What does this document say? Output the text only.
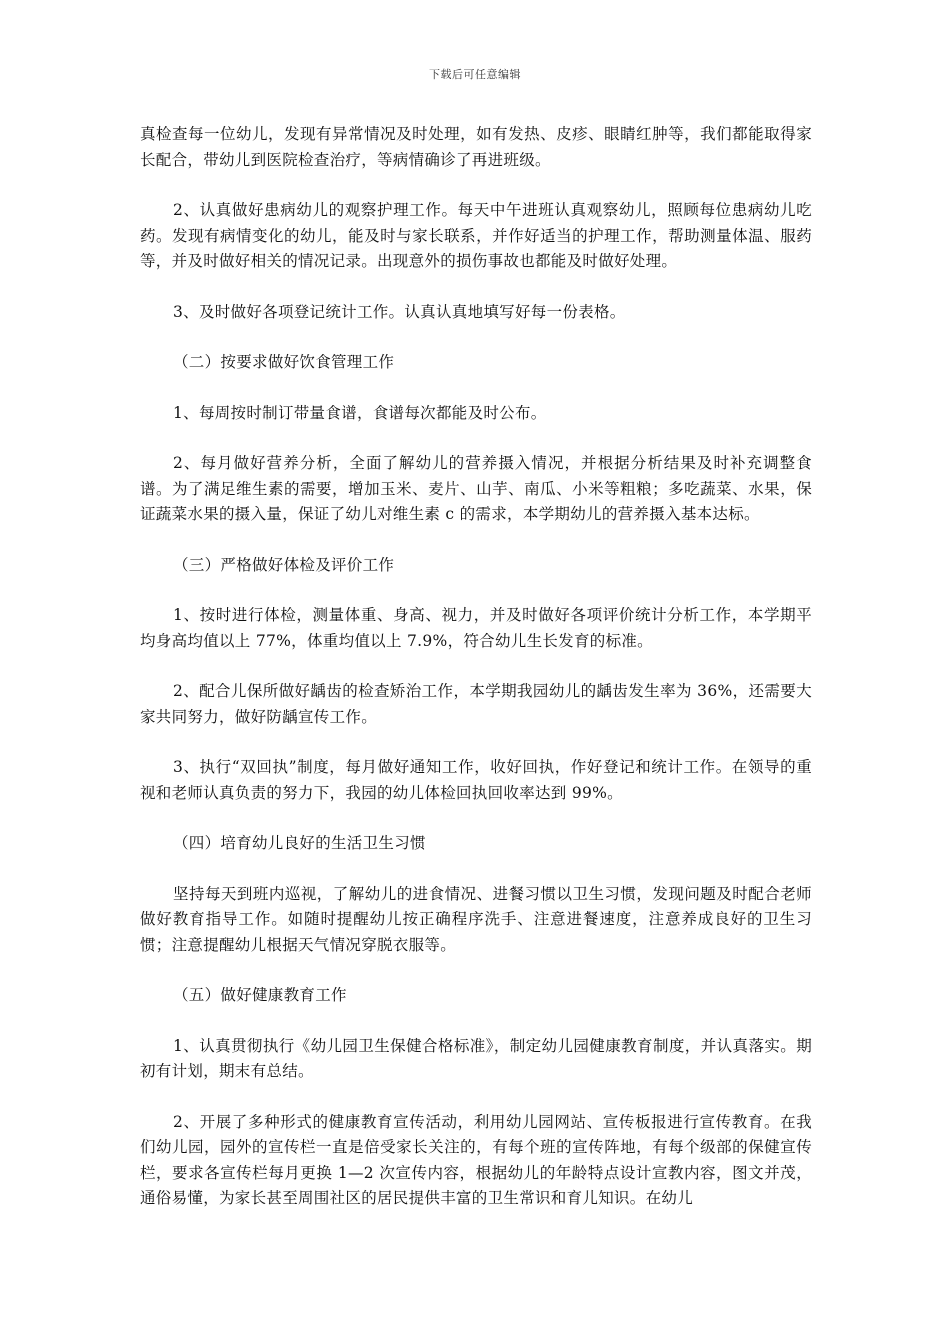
下载后可任意编辑

真检查每一位幼儿，发现有异常情况及时处理，如有发热、皮疹、眼睛红肿等，我们都能取得家长配合，带幼儿到医院检查治疗，等病情确诊了再进班级。

2、认真做好患病幼儿的观察护理工作。每天中午进班认真观察幼儿，照顾每位患病幼儿吃药。发现有病情变化的幼儿，能及时与家长联系，并作好适当的护理工作，帮助测量体温、服药等，并及时做好相关的情况记录。出现意外的损伤事故也都能及时做好处理。

3、及时做好各项登记统计工作。认真认真地填写好每一份表格。

（二）按要求做好饮食管理工作

1、每周按时制订带量食谱，食谱每次都能及时公布。

2、每月做好营养分析，全面了解幼儿的营养摄入情况，并根据分析结果及时补充调整食谱。为了满足维生素的需要，增加玉米、麦片、山芋、南瓜、小米等粗粮；多吃蔬菜、水果，保证蔬菜水果的摄入量，保证了幼儿对维生素 c 的需求，本学期幼儿的营养摄入基本达标。

（三）严格做好体检及评价工作

1、按时进行体检，测量体重、身高、视力，并及时做好各项评价统计分析工作，本学期平均身高均值以上 77%，体重均值以上 7.9%，符合幼儿生长发育的标准。

2、配合儿保所做好龋齿的检查矫治工作，本学期我园幼儿的龋齿发生率为 36%，还需要大家共同努力，做好防龋宣传工作。

3、执行“双回执”制度，每月做好通知工作，收好回执，作好登记和统计工作。在领导的重视和老师认真负责的努力下，我园的幼儿体检回执回收率达到 99%。

（四）培育幼儿良好的生活卫生习惯

坚持每天到班内巡视，了解幼儿的进食情况、进餐习惯以卫生习惯，发现问题及时配合老师做好教育指导工作。如随时提醒幼儿按正确程序洗手、注意进餐速度，注意养成良好的卫生习惯；注意提醒幼儿根据天气情况穿脱衣服等。

（五）做好健康教育工作

1、认真贯彻执行《幼儿园卫生保健合格标准》，制定幼儿园健康教育制度，并认真落实。期初有计划，期末有总结。

2、开展了多种形式的健康教育宣传活动，利用幼儿园网站、宣传板报进行宣传教育。在我们幼儿园，园外的宣传栏一直是倍受家长关注的，有每个班的宣传阵地，有每个级部的保健宣传栏，要求各宣传栏每月更换 1—2 次宣传内容，根据幼儿的年龄特点设计宣教内容，图文并茂，通俗易懂，为家长甚至周围社区的居民提供丰富的卫生常识和育儿知识。在幼儿
